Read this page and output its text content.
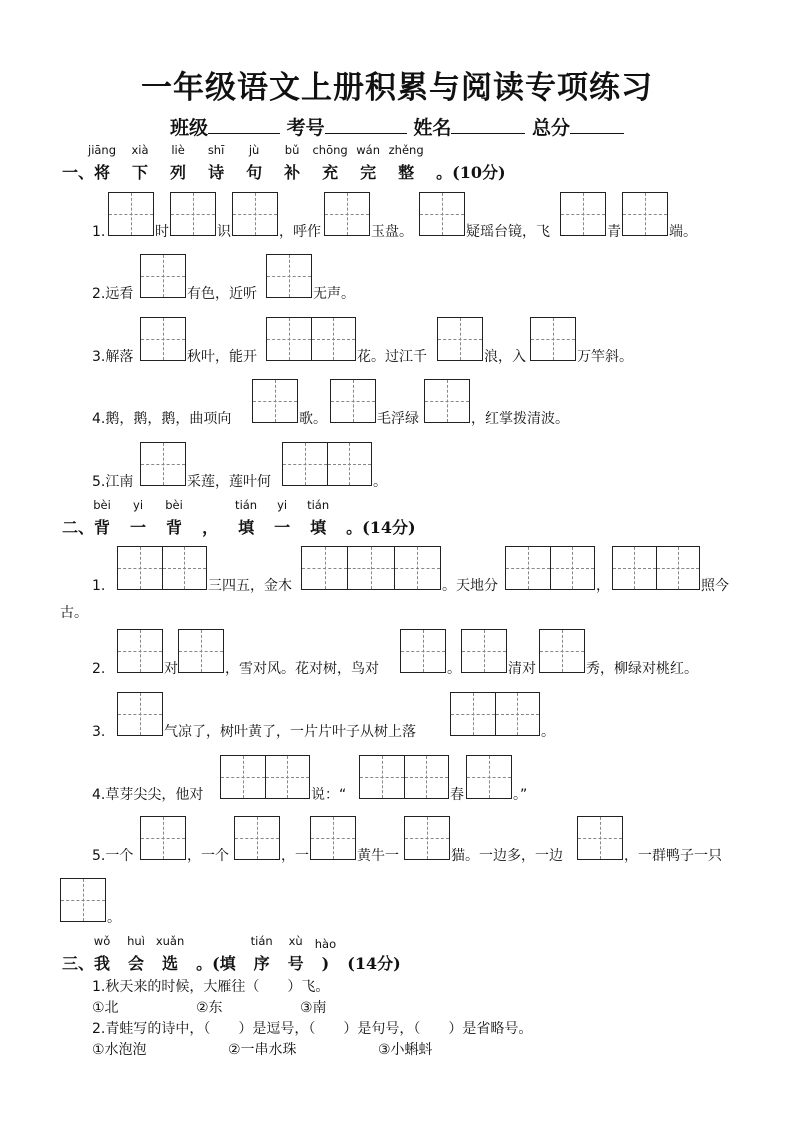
一年级语文上册积累与阅读专项练习
班级	考号	姓名	总分
一、
jiāng
将
xià
下
liè
列
shī
诗
jù
句
bǔ
补
chōng
充
wán
完
zhěng
整 。(10分)
二、
bèi
背
yi
一
bèi
背 ，
tián
填
yi
一
tián
填 。(14分)
三、
wǒ
我
huì
会
xuǎn
选 。(填
tián
序
xù
号
hào
) (14分)
1.	时	识	，呼作	玉盘。	疑瑶台镜，飞	青	端。
2.远看	有色，近听	无声。
3.解落	秋叶，能开	花。过江千	浪，入	万竿斜。
4.鹅，鹅，鹅，曲项向	歌。	毛浮绿	，红掌拨清波。
5.江南	采莲，莲叶何	。
1.	三四五，金木	。天地分	，	照今
古。
2.	对	，雪对风。花对树，鸟对	。	清对	秀，柳绿对桃红。
3.	气凉了，树叶黄了，一片片叶子从树上落	。
4.草芽尖尖，他对	说：“	春	。”
5.一个	，一个	，一	黄牛一	猫。一边多，一边	，一群鸭子一只
。
1.秋天来的时候，大雁往（　　）飞。
①北	②东	③南
2.青蛙写的诗中，（　　）是逗号，（　　）是句号，（　　）是省略号。
①水泡泡	②一串水珠	③小蝌蚪
